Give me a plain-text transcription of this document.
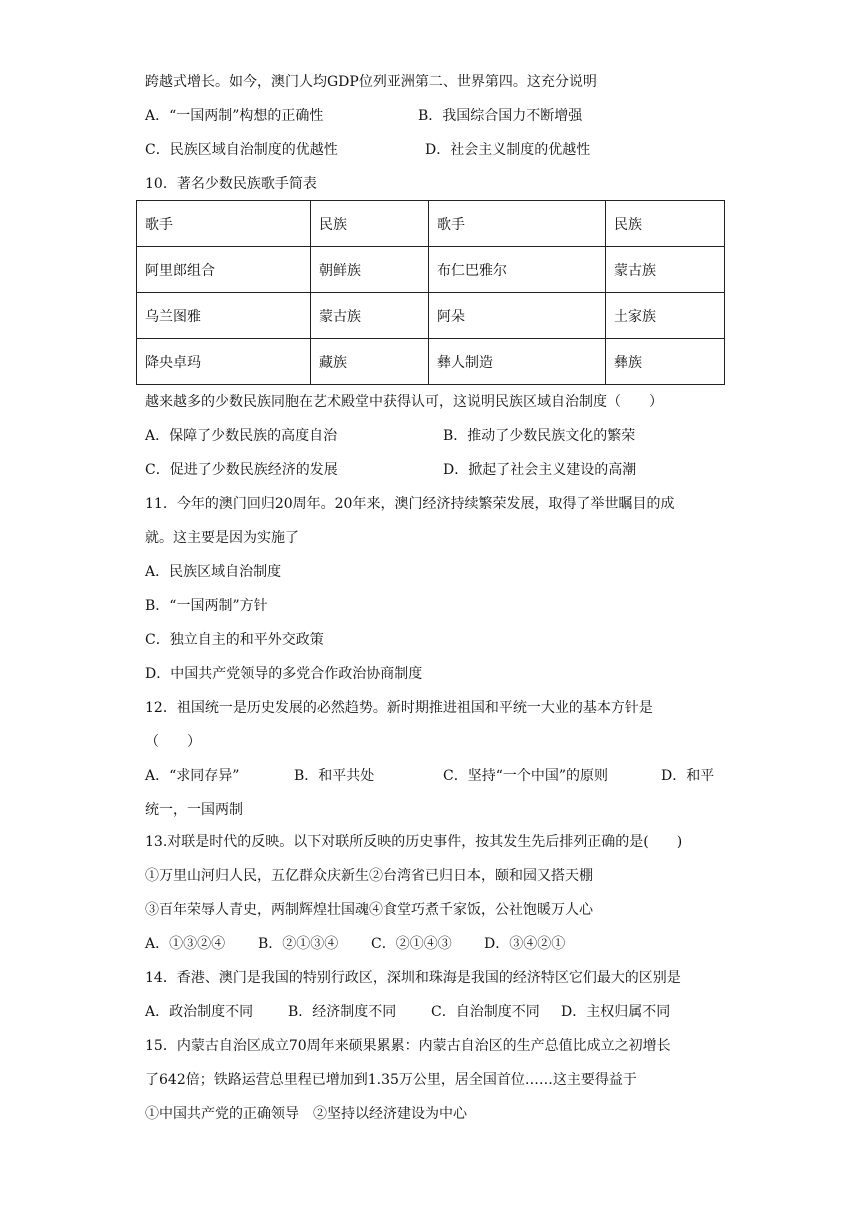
跨越式增长。如今，澳门人均GDP位列亚洲第二、世界第四。这充分说明
A．“一国两制”构想的正确性	B．我国综合国力不断增强
C．民族区域自治制度的优越性	D．社会主义制度的优越性
10．著名少数民族歌手简表
歌手	民族	歌手	民族
阿里郎组合	朝鲜族	布仁巴雅尔	蒙古族
乌兰图雅	蒙古族	阿朵	土家族
降央卓玛	藏族	彝人制造	彝族
越来越多的少数民族同胞在艺术殿堂中获得认可，这说明民族区域自治制度（　　）
A．保障了少数民族的高度自治	B．推动了少数民族文化的繁荣
C．促进了少数民族经济的发展	D．掀起了社会主义建设的高潮
11．今年的澳门回归20周年。20年来，澳门经济持续繁荣发展，取得了举世瞩目的成
就。这主要是因为实施了
A．民族区域自治制度
B．“一国两制”方针
C．独立自主的和平外交政策
D．中国共产党领导的多党合作政治协商制度
12．祖国统一是历史发展的必然趋势。新时期推进祖国和平统一大业的基本方针是
（　　）
A．“求同存异”	B．和平共处	C．坚持“一个中国”的原则	D．和平
统一，一国两制
13.对联是时代的反映。以下对联所反映的历史事件，按其发生先后排列正确的是(　　)
①万里山河归人民，五亿群众庆新生②台湾省已归日本，颐和园又搭天棚
③百年荣辱人青史，两制辉煌壮国魂④食堂巧煮千家饭，公社饱暖万人心
A．①③②④ B．②①③④ C．②①④③ D．③④②①
14．香港、澳门是我国的特别行政区，深圳和珠海是我国的经济特区它们最大的区别是
A．政治制度不同 B．经济制度不同 C．自治制度不同 D．主权归属不同
15．内蒙古自治区成立70周年来硕果累累：内蒙古自治区的生产总值比成立之初增长
了642倍；铁路运营总里程已增加到1.35万公里，居全国首位……这主要得益于
①中国共产党的正确领导　②坚持以经济建设为中心
